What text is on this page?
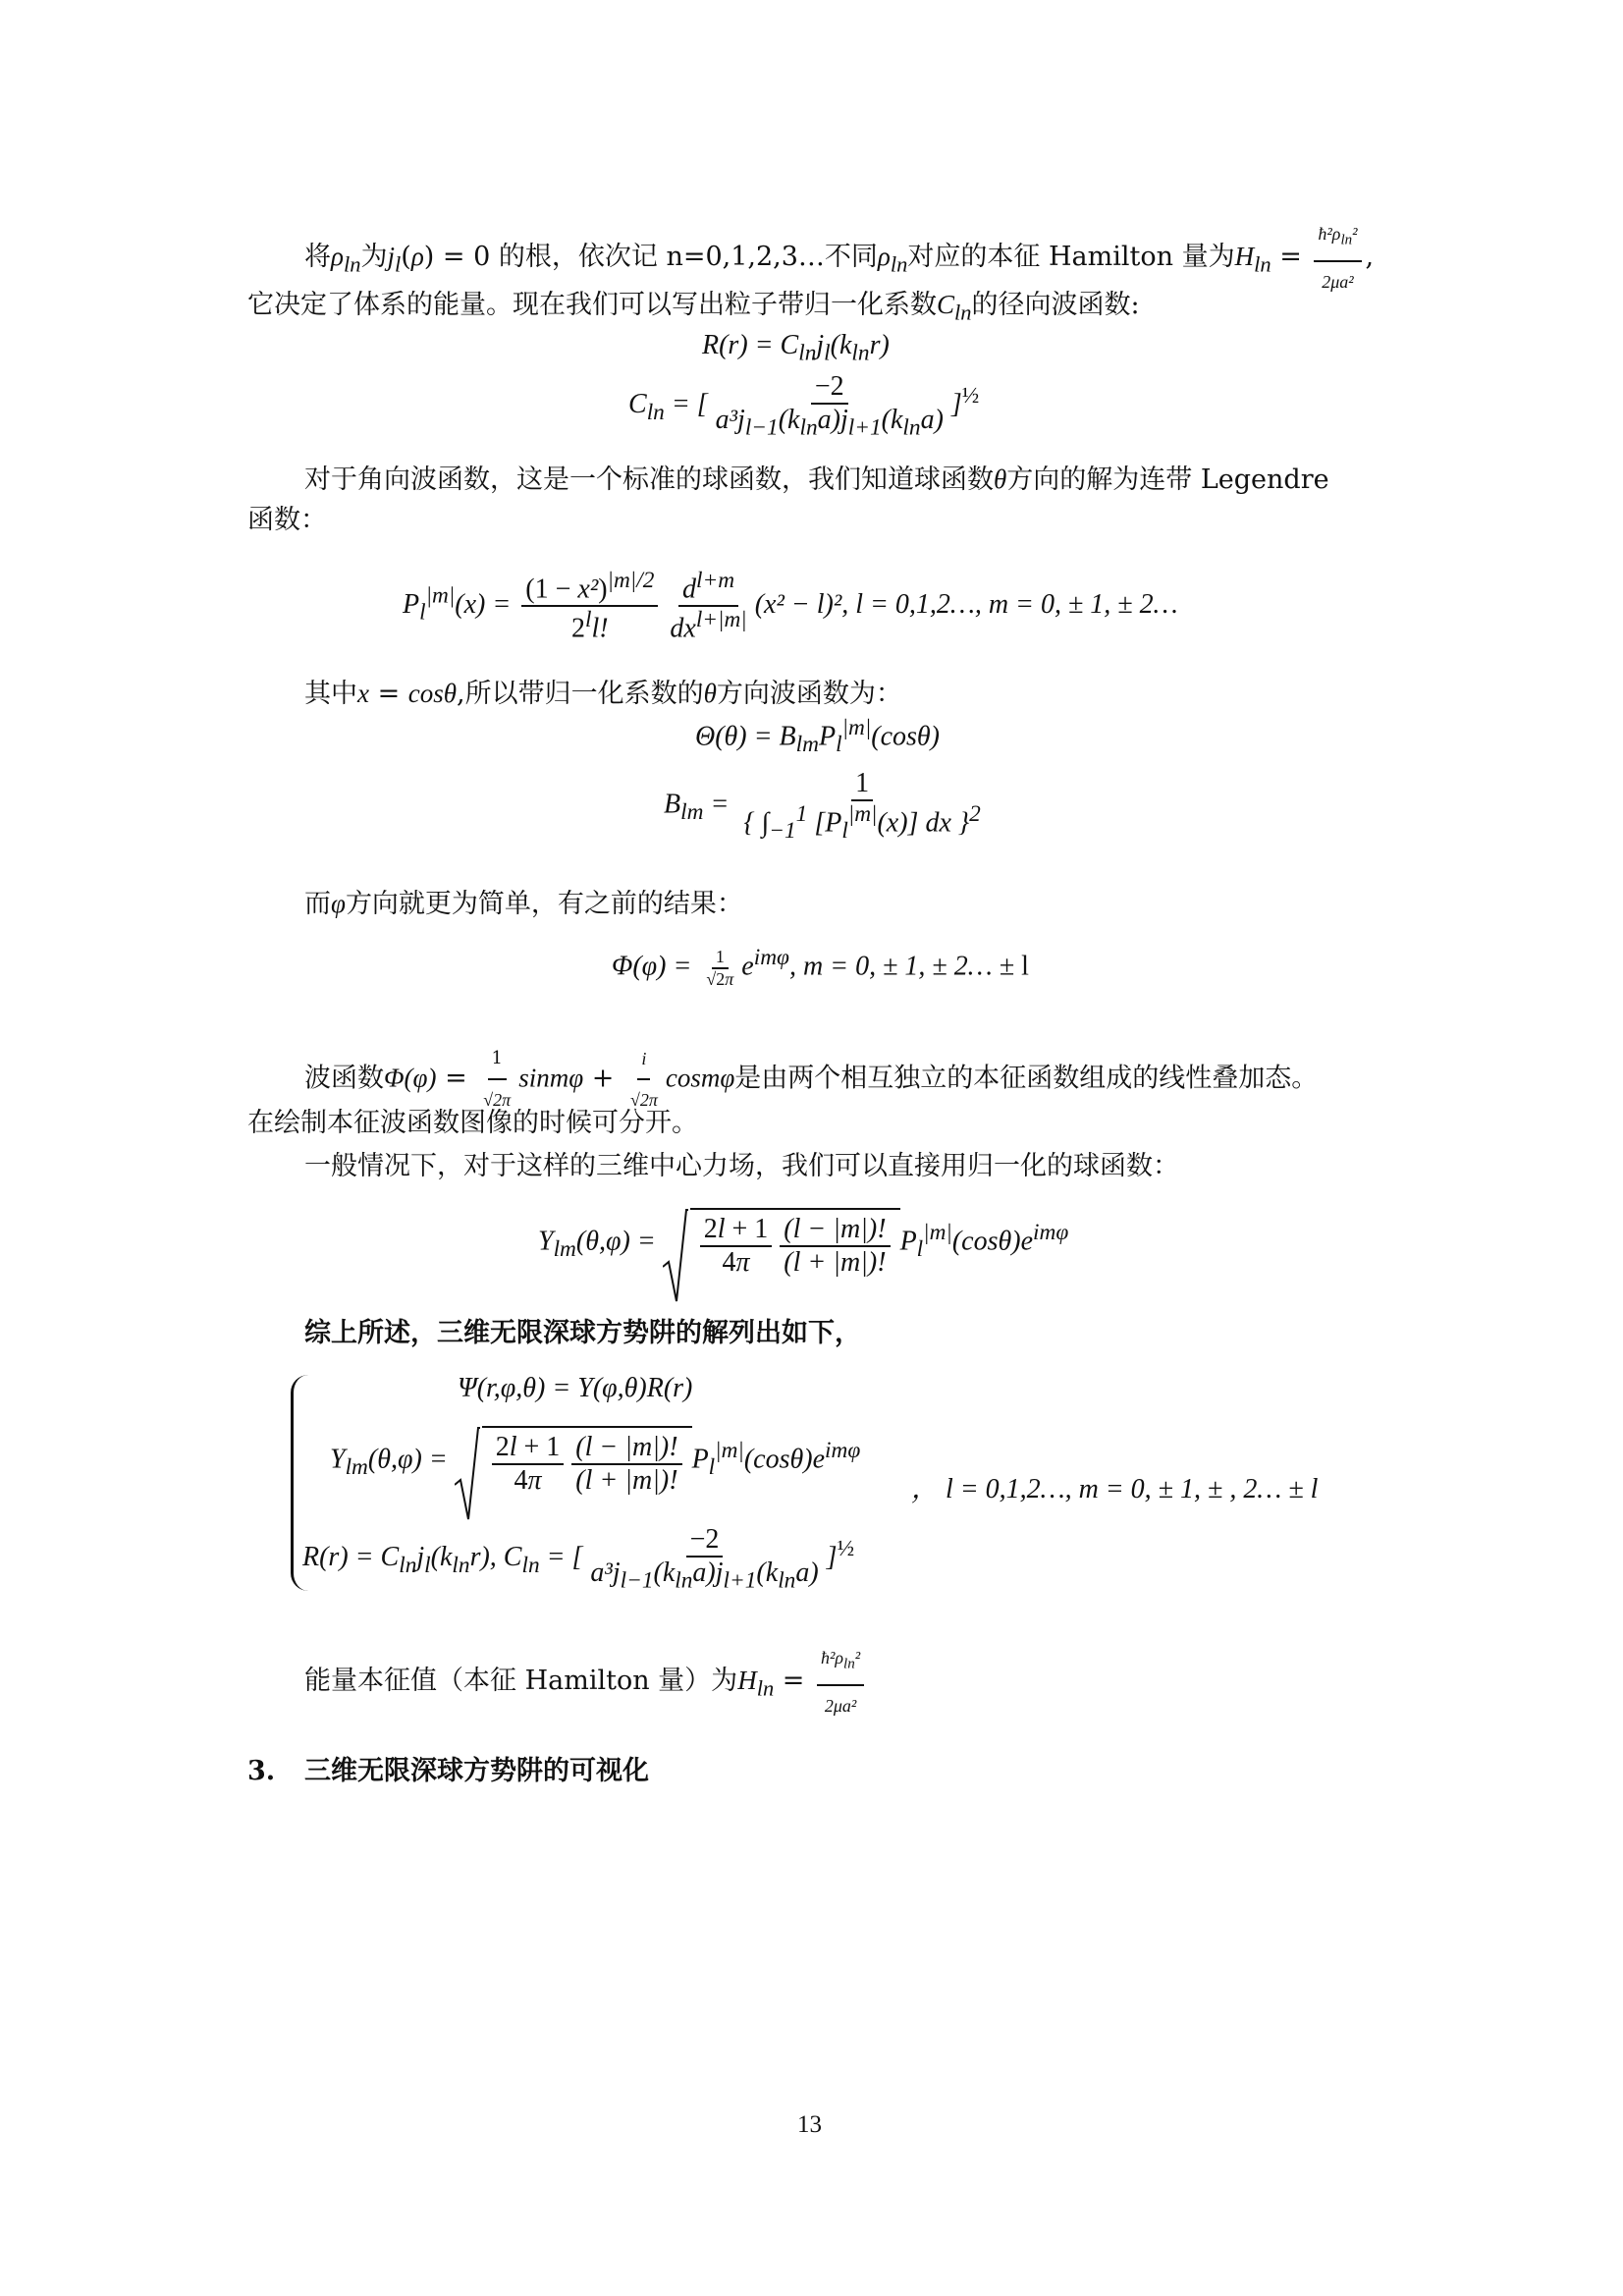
将$\rho_{ln}$为$j_l(\rho) = 0$ 的根，依次记 n=0,1,2,3…不同$\rho_{ln}$对应的本征 Hamilton 量为$H_{ln} = \frac{ħ^2\rho_{ln}^2}{\text{2μa²}}$ ,
它决定了体系的能量。现在我们可以写出粒子带归一化系数$C_{ln}$的径向波函数:
$R(r) = C_{ln}j_l(k_{ln}r)$
$C_{ln}$ = [ $\frac{-2}{a^3j_{l-1}(k_{ln}a)j_{l+1}(k_{ln}a)} ]^{\frac{1}{2}}$
对于角向波函数，这是一个标准的球函数，我们知道球函数θ方向的解为连带 Legendre
函数：
$P_l^{|m|}(x) = \frac{(1 - x^2)^{|m|/2}}{2^ll!} \frac{d^{l+m}}{dx^{l+|m|}} (x^2 - l)^2$, l = 0,1,2…, m = 0, ± 1, ± 2…
其中x = cosθ,所以带归一化系数的θ方向波函数为：
$\Theta(\theta) = B_{lm}P_l^{|m|}(\cos\theta)$
$B_{lm} = \frac{1}{\{ \int_{-1}^1 [P_l^{|m|}(x)] dx \}^2}$
而φ方向就更为简单，有之前的结果：
$\Phi(\varphi) = \frac{1}{√2\pi} e^{im\varphi}$, m = 0, ± 1, ± 2… ± l
波函数$\Phi(\varphi) = \frac{1}{√2\pi}$ $\sin m\varphi + \frac{i}{√2\pi}$ cosmφ是由两个相互独立的本征函数组成的线性叠加态。
在绘制本征波函数图像的时候可分开。
一般情况下，对于这样的三维中心力场，我们可以直接用归一化的球函数：
$Y_{lm}(\theta,\varphi) = \frac{2l + 1}{4\pi} \frac{(l - |m|)!}{(l + |m|)!} P_l^{|m|}(\cos\theta)e^{im\varphi}$
综上所述，三维无限深球方势阱的解列出如下，
Ψ(r,φ,θ) = Y(φ,θ)R(r)
$Y_{lm}(\theta,\varphi) = \frac{2l + 1}{4\pi} \frac{(l - |m|)!}{(l + |m|)!} P_l^{|m|}(\cos\theta)e^{im\varphi}$
， l = 0,1,2…, m = 0, ± 1, ± , 2… ± l
$R(r) = C_{ln}j_l(k_{ln}r)$, $C_{ln}$ = [ $\frac{-2}{a^3j_{l-1}(k_{ln}a)j_{l+1}(k_{ln}a)} ]^{\frac{1}{2}}$
能量本征值（本征 Hamilton 量）为$H_{ln} = \frac{ħ^2\rho_{ln}^2}{\text{2μa²}}$
3. 三维无限深球方势阱的可视化
13
